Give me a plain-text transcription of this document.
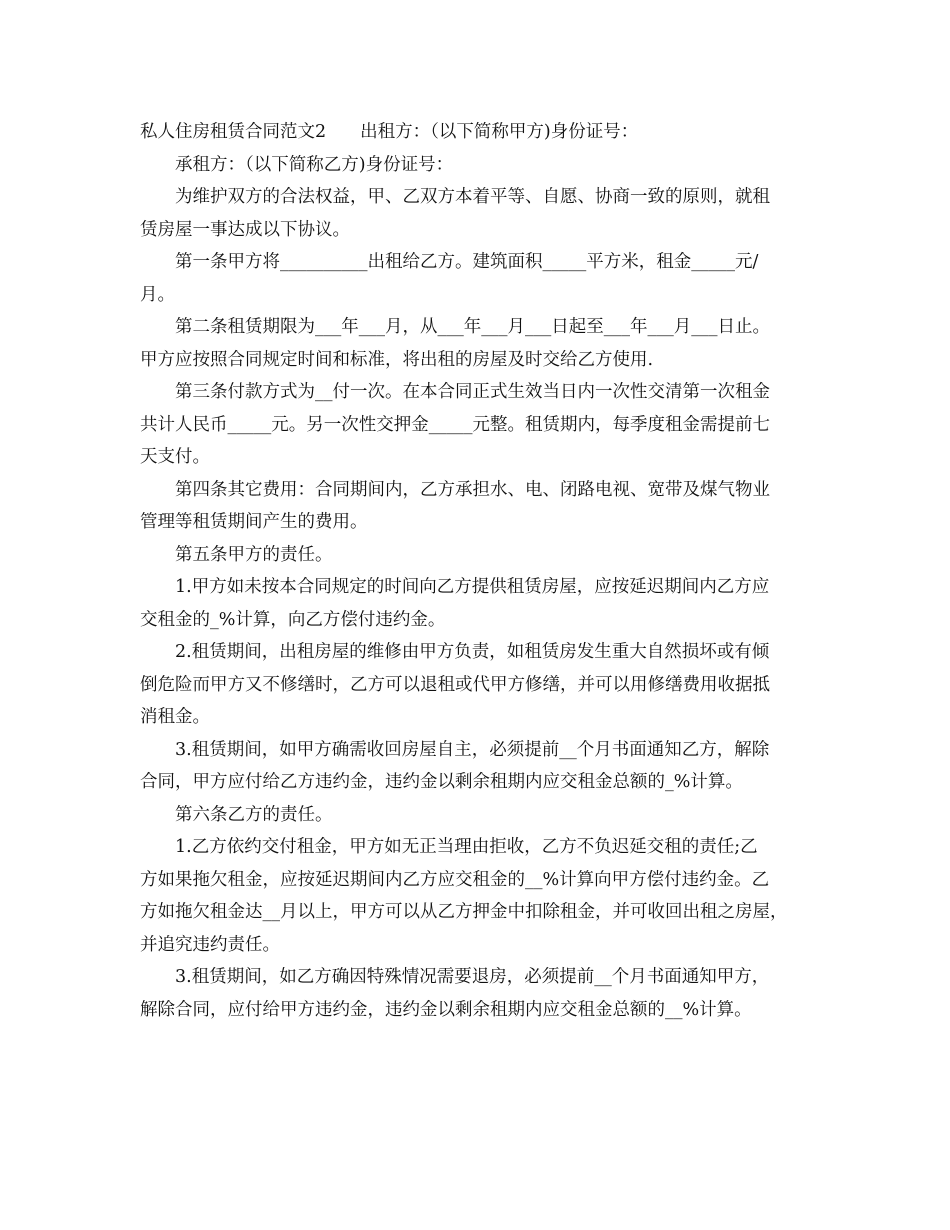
私人住房租赁合同范文2 出租方：（以下简称甲方)身份证号：
承租方：（以下简称乙方)身份证号：
为维护双方的合法权益，甲、乙双方本着平等、自愿、协商一致的原则，就租
赁房屋一事达成以下协议。
第一条甲方将__________出租给乙方。建筑面积_____平方米，租金_____元/
月。
第二条租赁期限为___年___月，从___年___月___日起至___年___月___日止。
甲方应按照合同规定时间和标准，将出租的房屋及时交给乙方使用.
第三条付款方式为__付一次。在本合同正式生效当日内一次性交清第一次租金
共计人民币_____元。另一次性交押金_____元整。租赁期内，每季度租金需提前七
天支付。
第四条其它费用：合同期间内，乙方承担水、电、闭路电视、宽带及煤气物业
管理等租赁期间产生的费用。
第五条甲方的责任。
1.甲方如未按本合同规定的时间向乙方提供租赁房屋，应按延迟期间内乙方应
交租金的_%计算，向乙方偿付违约金。
2.租赁期间，出租房屋的维修由甲方负责，如租赁房发生重大自然损坏或有倾
倒危险而甲方又不修缮时，乙方可以退租或代甲方修缮，并可以用修缮费用收据抵
消租金。
3.租赁期间，如甲方确需收回房屋自主，必须提前__个月书面通知乙方，解除
合同，甲方应付给乙方违约金，违约金以剩余租期内应交租金总额的_%计算。
第六条乙方的责任。
1.乙方依约交付租金，甲方如无正当理由拒收，乙方不负迟延交租的责任;乙
方如果拖欠租金，应按延迟期间内乙方应交租金的__%计算向甲方偿付违约金。乙
方如拖欠租金达__月以上，甲方可以从乙方押金中扣除租金，并可收回出租之房屋，
并追究违约责任。
3.租赁期间，如乙方确因特殊情况需要退房，必须提前__个月书面通知甲方，
解除合同，应付给甲方违约金，违约金以剩余租期内应交租金总额的__%计算。
